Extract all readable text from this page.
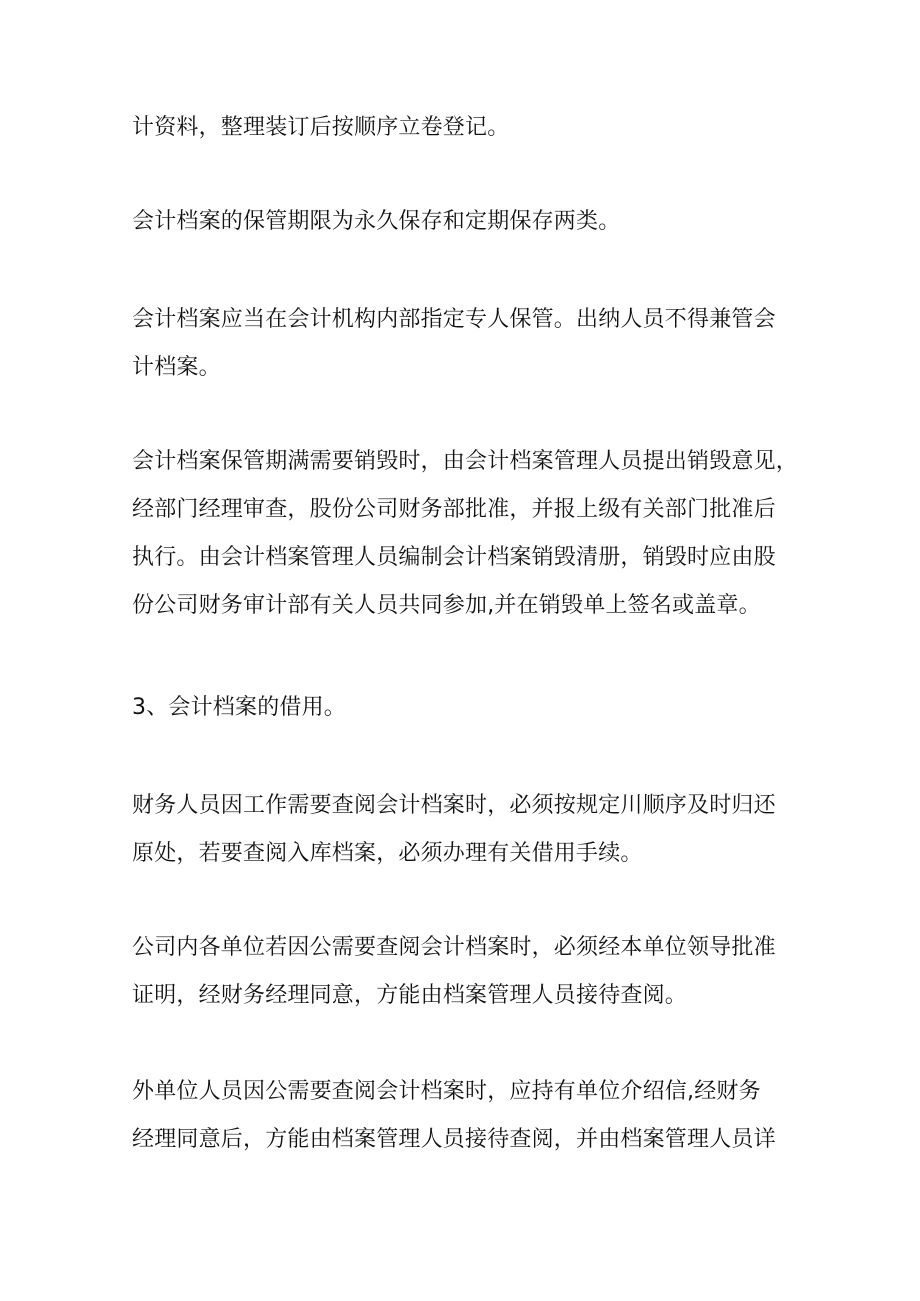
计资料，整理装订后按顺序立卷登记。

会计档案的保管期限为永久保存和定期保存两类。

会计档案应当在会计机构内部指定专人保管。出纳人员不得兼管会
计档案。

会计档案保管期满需要销毁时，由会计档案管理人员提出销毁意见，
经部门经理审查，股份公司财务部批准，并报上级有关部门批准后
执行。由会计档案管理人员编制会计档案销毁清册，销毁时应由股
份公司财务审计部有关人员共同参加,并在销毁单上签名或盖章。

3、会计档案的借用。

财务人员因工作需要查阅会计档案时，必须按规定川顺序及时归还
原处，若要查阅入库档案，必须办理有关借用手续。

公司内各单位若因公需要查阅会计档案时，必须经本单位领导批准
证明，经财务经理同意，方能由档案管理人员接待查阅。

外单位人员因公需要查阅会计档案时，应持有单位介绍信,经财务
经理同意后，方能由档案管理人员接待查阅，并由档案管理人员详
